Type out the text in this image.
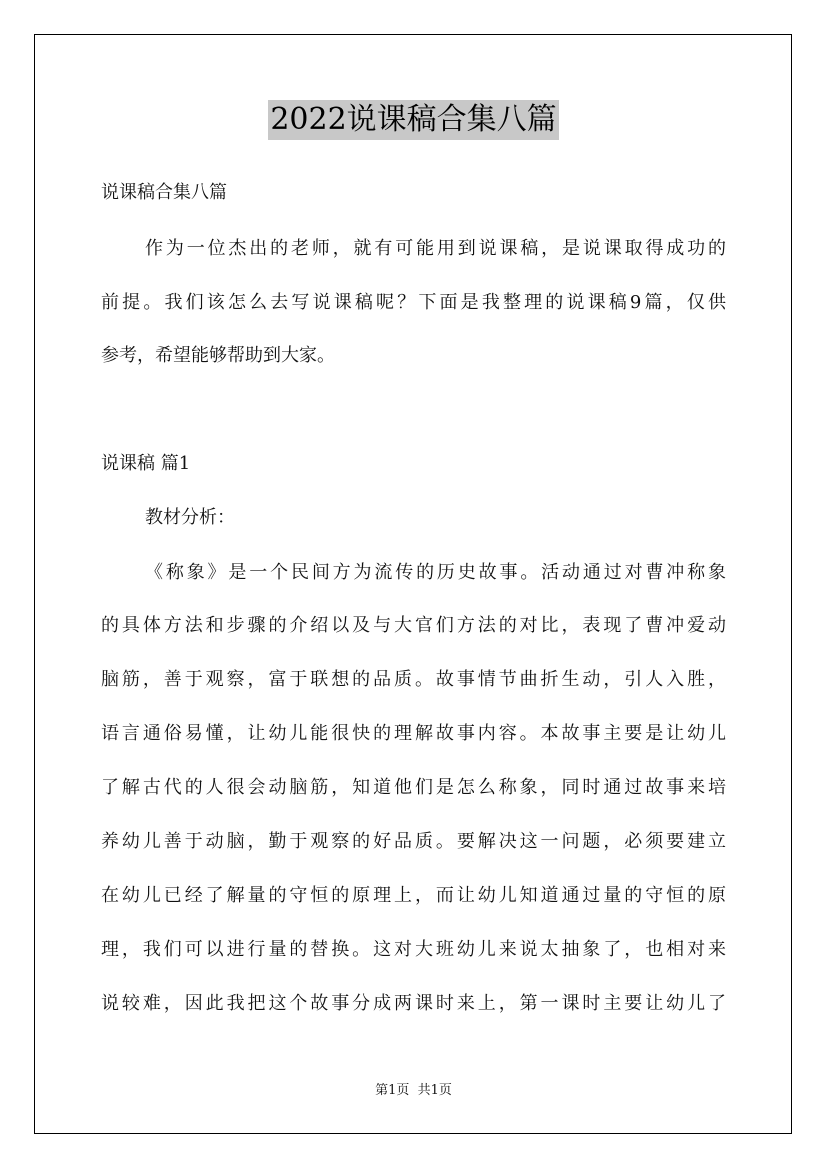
2022说课稿合集八篇
说课稿合集八篇
作为一位杰出的老师，就有可能用到说课稿，是说课取得成功的
前提。我们该怎么去写说课稿呢？下面是我整理的说课稿9篇，仅供
参考，希望能够帮助到大家。
说课稿 篇1
教材分析：
《称象》是一个民间方为流传的历史故事。活动通过对曹冲称象
的具体方法和步骤的介绍以及与大官们方法的对比，表现了曹冲爱动
脑筋，善于观察，富于联想的品质。故事情节曲折生动，引人入胜，
语言通俗易懂，让幼儿能很快的理解故事内容。本故事主要是让幼儿
了解古代的人很会动脑筋，知道他们是怎么称象，同时通过故事来培
养幼儿善于动脑，勤于观察的好品质。要解决这一问题，必须要建立
在幼儿已经了解量的守恒的原理上，而让幼儿知道通过量的守恒的原
理，我们可以进行量的替换。这对大班幼儿来说太抽象了，也相对来
说较难，因此我把这个故事分成两课时来上，第一课时主要让幼儿了
第1页  共1页
